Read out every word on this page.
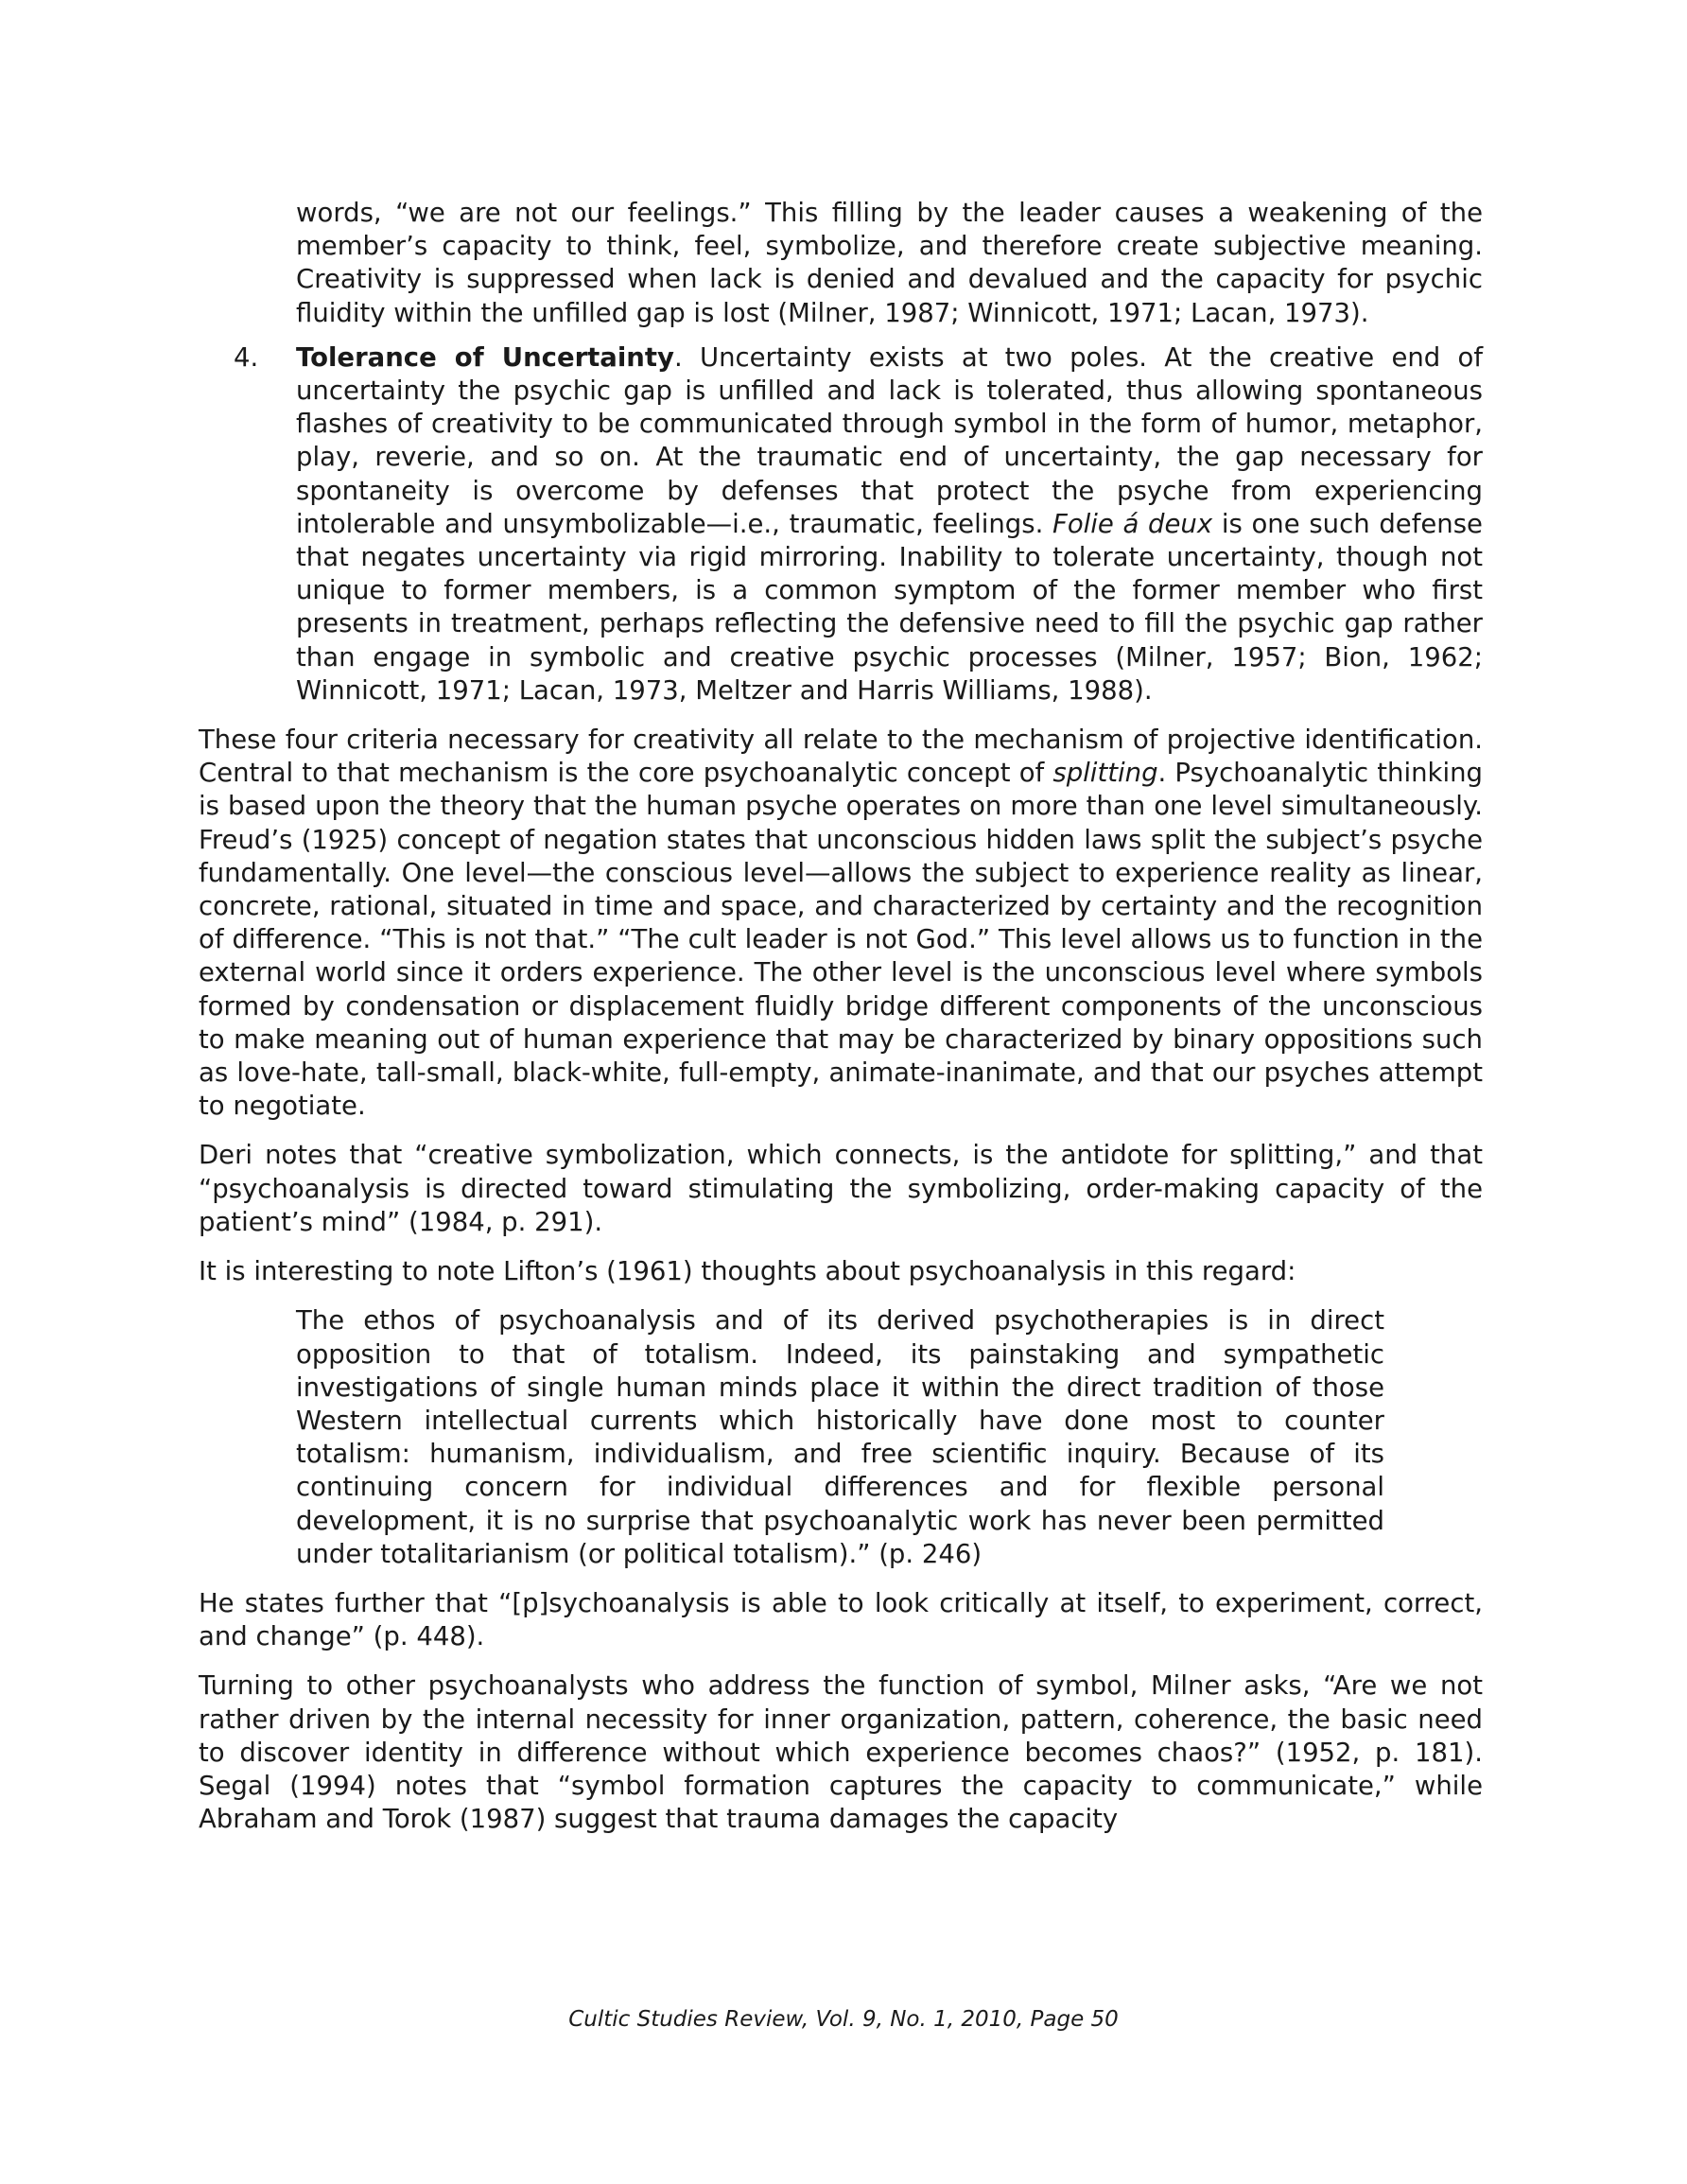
words, “we are not our feelings.” This filling by the leader causes a weakening of the member’s capacity to think, feel, symbolize, and therefore create subjective meaning. Creativity is suppressed when lack is denied and devalued and the capacity for psychic fluidity within the unfilled gap is lost (Milner, 1987; Winnicott, 1971; Lacan, 1973).

4. Tolerance of Uncertainty. Uncertainty exists at two poles. At the creative end of uncertainty the psychic gap is unfilled and lack is tolerated, thus allowing spontaneous flashes of creativity to be communicated through symbol in the form of humor, metaphor, play, reverie, and so on. At the traumatic end of uncertainty, the gap necessary for spontaneity is overcome by defenses that protect the psyche from experiencing intolerable and unsymbolizable—i.e., traumatic, feelings. Folie á deux is one such defense that negates uncertainty via rigid mirroring. Inability to tolerate uncertainty, though not unique to former members, is a common symptom of the former member who first presents in treatment, perhaps reflecting the defensive need to fill the psychic gap rather than engage in symbolic and creative psychic processes (Milner, 1957; Bion, 1962; Winnicott, 1971; Lacan, 1973, Meltzer and Harris Williams, 1988).

These four criteria necessary for creativity all relate to the mechanism of projective identification. Central to that mechanism is the core psychoanalytic concept of splitting. Psychoanalytic thinking is based upon the theory that the human psyche operates on more than one level simultaneously. Freud’s (1925) concept of negation states that unconscious hidden laws split the subject’s psyche fundamentally. One level—the conscious level—allows the subject to experience reality as linear, concrete, rational, situated in time and space, and characterized by certainty and the recognition of difference. “This is not that.” “The cult leader is not God.” This level allows us to function in the external world since it orders experience. The other level is the unconscious level where symbols formed by condensation or displacement fluidly bridge different components of the unconscious to make meaning out of human experience that may be characterized by binary oppositions such as love-hate, tall-small, black-white, full-empty, animate-inanimate, and that our psyches attempt to negotiate.

Deri notes that “creative symbolization, which connects, is the antidote for splitting,” and that “psychoanalysis is directed toward stimulating the symbolizing, order-making capacity of the patient’s mind” (1984, p. 291).

It is interesting to note Lifton’s (1961) thoughts about psychoanalysis in this regard:

The ethos of psychoanalysis and of its derived psychotherapies is in direct opposition to that of totalism. Indeed, its painstaking and sympathetic investigations of single human minds place it within the direct tradition of those Western intellectual currents which historically have done most to counter totalism: humanism, individualism, and free scientific inquiry. Because of its continuing concern for individual differences and for flexible personal development, it is no surprise that psychoanalytic work has never been permitted under totalitarianism (or political totalism).” (p. 246)

He states further that “[p]sychoanalysis is able to look critically at itself, to experiment, correct, and change” (p. 448).

Turning to other psychoanalysts who address the function of symbol, Milner asks, “Are we not rather driven by the internal necessity for inner organization, pattern, coherence, the basic need to discover identity in difference without which experience becomes chaos?” (1952, p. 181). Segal (1994) notes that “symbol formation captures the capacity to communicate,” while Abraham and Torok (1987) suggest that trauma damages the capacity

Cultic Studies Review, Vol. 9, No. 1, 2010, Page 50
